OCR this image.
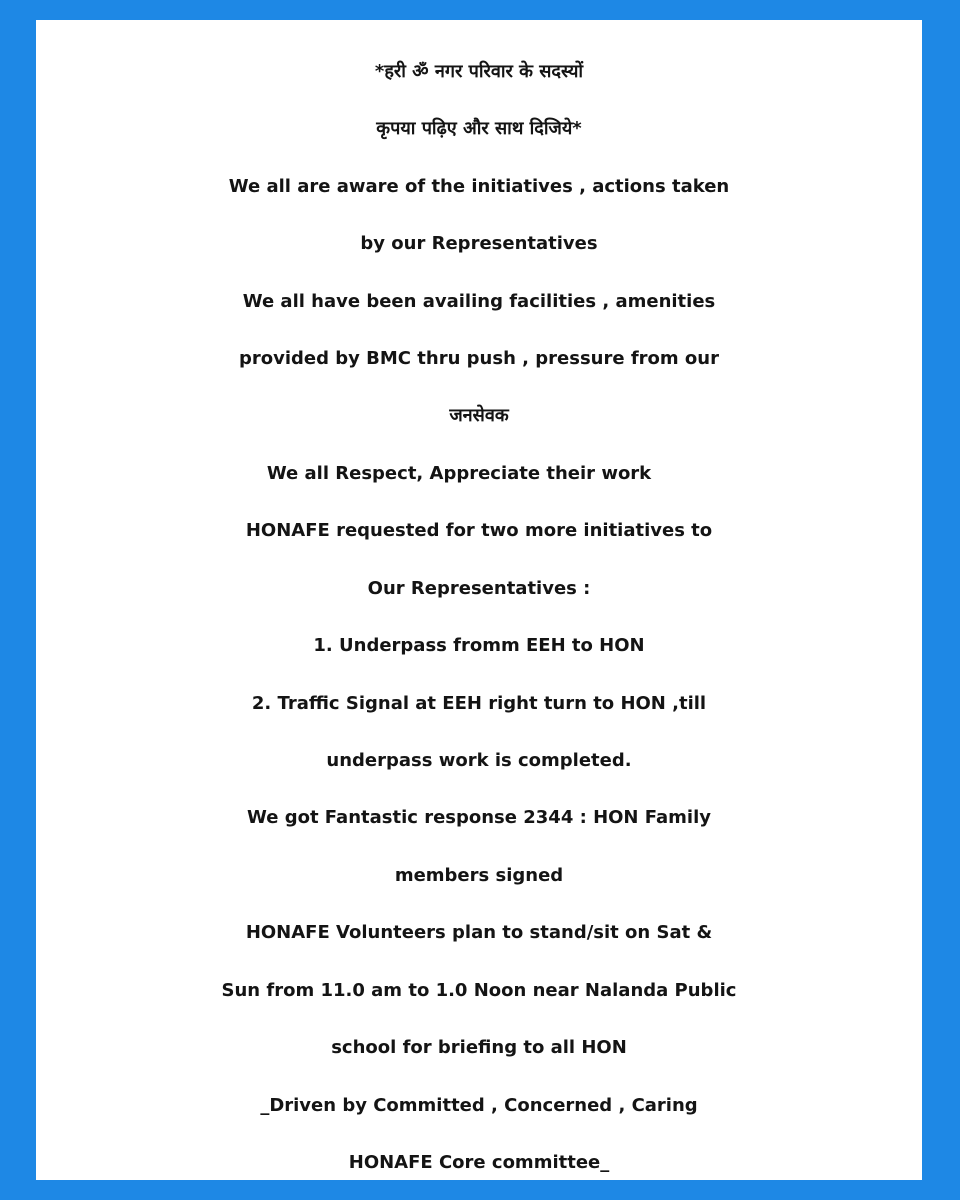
*हरी ॐ नगर परिवार के सदस्यों
कृपया पढ़िए और साथ दिजिये*
We all are aware of the initiatives , actions taken
by our Representatives
We all have been availing facilities , amenities
provided by BMC thru push , pressure from our
जनसेवक
We all Respect, Appreciate their work
HONAFE requested for two more initiatives to
Our Representatives :
1. Underpass fromm EEH to HON
2. Traffic Signal at EEH right turn to HON ,till
underpass work is completed.
We got Fantastic response 2344 : HON Family
members signed
HONAFE Volunteers plan to stand/sit on Sat &
Sun from 11.0 am to 1.0 Noon near Nalanda Public
school for briefing to all HON
_Driven by Committed , Concerned , Caring
HONAFE Core committee_
